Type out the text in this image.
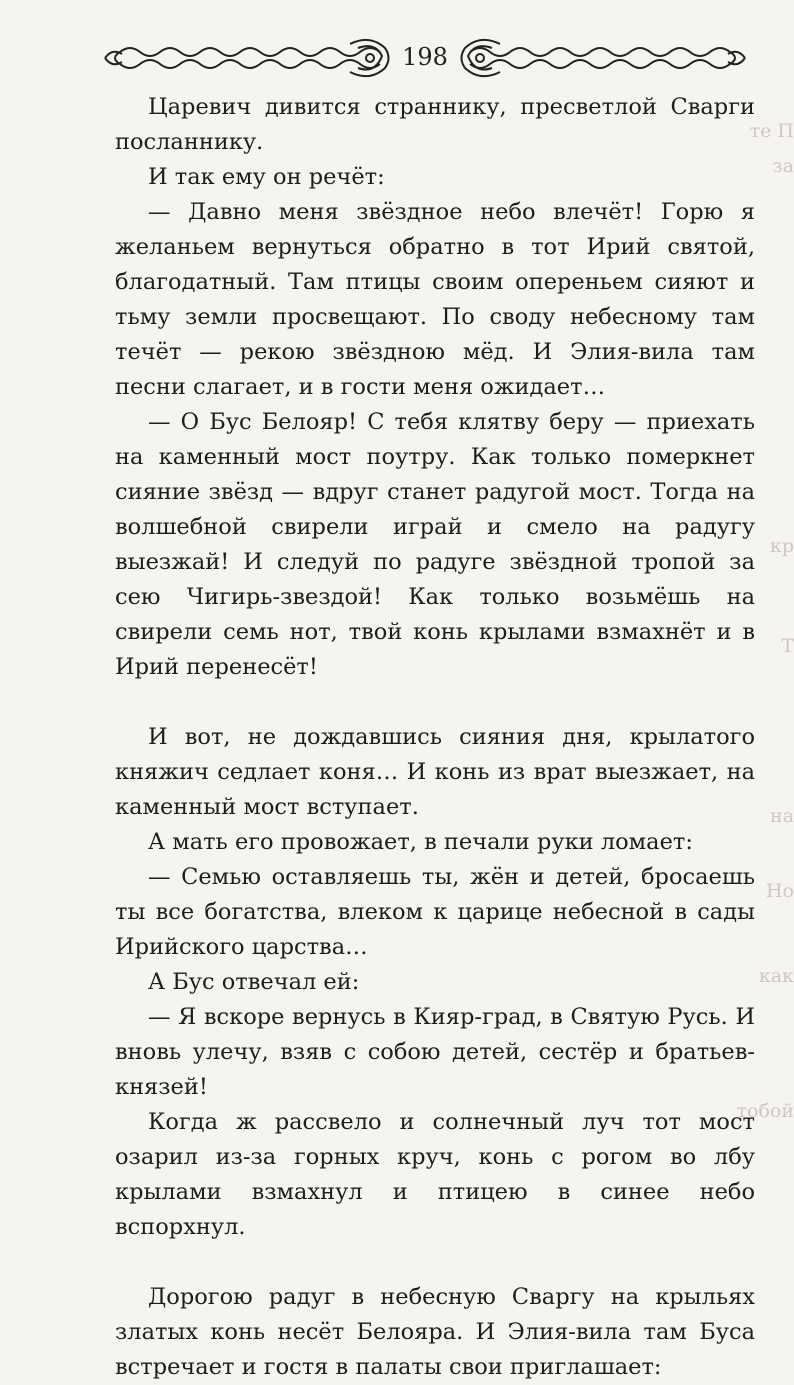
198

Царевич дивится страннику, пресветлой Сварги посланнику.

И так ему он речёт:

— Давно меня звёздное небо влечёт! Горю я желаньем вернуться обратно в тот Ирий святой, благодатный. Там птицы своим опереньем сияют и тьму земли просвещают. По своду небесному там течёт — рекою звёздною мёд. И Элия-вила там песни слагает, и в гости меня ожидает…

— О Бус Белояр! С тебя клятву беру — приехать на каменный мост поутру. Как только померкнет сияние звёзд — вдруг станет радугой мост. Тогда на волшебной свирели играй и смело на радугу выезжай! И следуй по радуге звёздной тропой за сею Чигирь-звездой! Как только возьмёшь на свирели семь нот, твой конь крылами взмахнёт и в Ирий перенесёт!

И вот, не дождавшись сияния дня, крылатого княжич седлает коня… И конь из врат выезжает, на каменный мост вступает.

А мать его провожает, в печали руки ломает:

— Семью оставляешь ты, жён и детей, бросаешь ты все богатства, влеком к царице небесной в сады Ирийского царства…

А Бус отвечал ей:

— Я вскоре вернусь в Кияр-град, в Святую Русь. И вновь улечу, взяв с собою детей, сестёр и братьев-князей!

Когда ж рассвело и солнечный луч тот мост озарил из-за горных круч, конь с рогом во лбу крылами взмахнул и птицею в синее небо вспорхнул.

Дорогою радуг в небесную Сваргу на крыльях златых конь несёт Белояра. И Элия-вила там Буса встречает и гостя в палаты свои приглашает:

те П
за
кр
Т
на
Но
как
тобой
